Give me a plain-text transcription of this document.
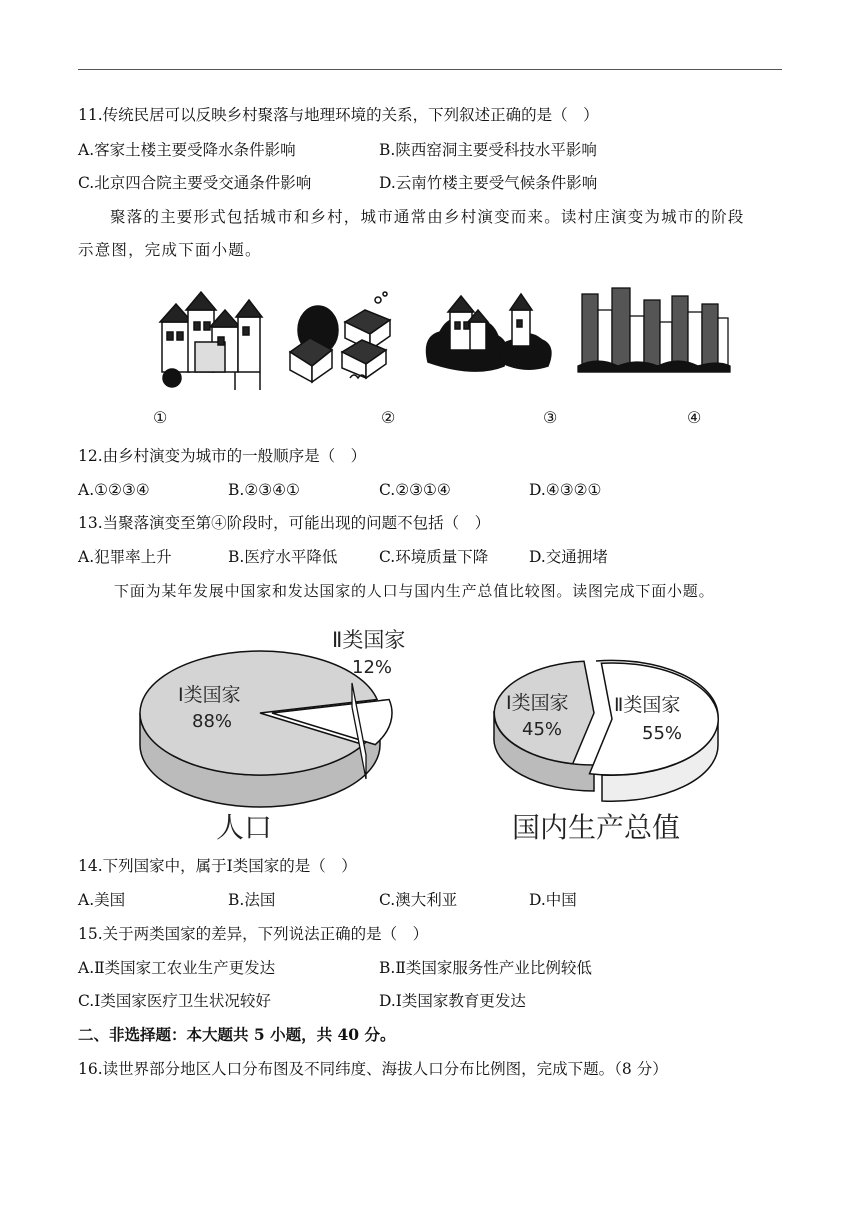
11.传统民居可以反映乡村聚落与地理环境的关系，下列叙述正确的是（　）
A.客家土楼主要受降水条件影响	B.陕西窑洞主要受科技水平影响
C.北京四合院主要受交通条件影响	D.云南竹楼主要受气候条件影响
聚落的主要形式包括城市和乡村，城市通常由乡村演变而来。读村庄演变为城市的阶段
示意图，完成下面小题。
①	②	③	④
12.由乡村演变为城市的一般顺序是（　）
A.①②③④	B.②③④①	C.②③①④	D.④③②①
13.当聚落演变至第④阶段时，可能出现的问题不包括（　）
A.犯罪率上升	B.医疗水平降低	C.环境质量下降	D.交通拥堵
下面为某年发展中国家和发达国家的人口与国内生产总值比较图。读图完成下面小题。
Ⅰ类国家
88%
Ⅱ类国家
12%
人口
Ⅰ类国家
45%
Ⅱ类国家
55%
国内生产总值
14.下列国家中，属于Ⅰ类国家的是（　）
A.美国	B.法国	C.澳大利亚	D.中国
15.关于两类国家的差异，下列说法正确的是（　）
A.Ⅱ类国家工农业生产更发达	B.Ⅱ类国家服务性产业比例较低
C.Ⅰ类国家医疗卫生状况较好	D.Ⅰ类国家教育更发达
二、非选择题：本大题共 5 小题，共 40 分。
16.读世界部分地区人口分布图及不同纬度、海拔人口分布比例图，完成下题。（8 分）
